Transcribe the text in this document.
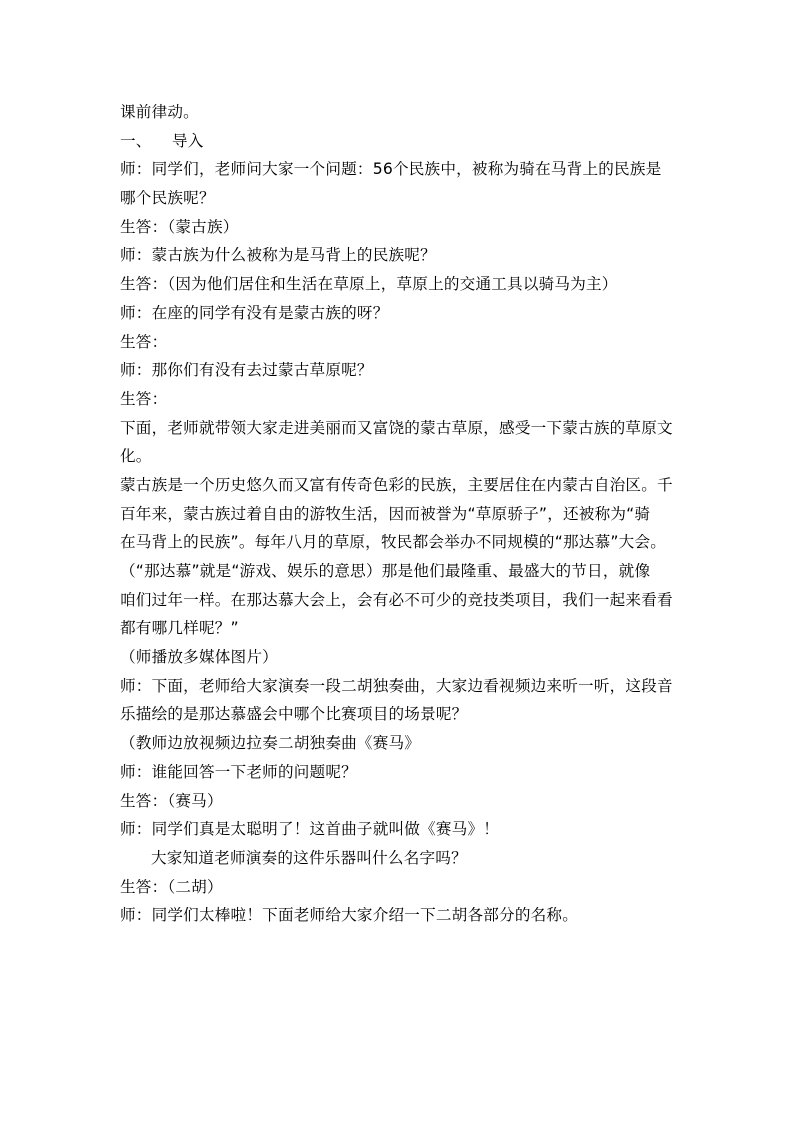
课前律动。
一、 导入
师：同学们，老师问大家一个问题：56个民族中，被称为骑在马背上的民族是
哪个民族呢？
生答：（蒙古族）
师：蒙古族为什么被称为是马背上的民族呢？
生答：（因为他们居住和生活在草原上，草原上的交通工具以骑马为主）
师：在座的同学有没有是蒙古族的呀？
生答：
师：那你们有没有去过蒙古草原呢？
生答：
下面，老师就带领大家走进美丽而又富饶的蒙古草原，感受一下蒙古族的草原文
化。
蒙古族是一个历史悠久而又富有传奇色彩的民族，主要居住在内蒙古自治区。千
百年来，蒙古族过着自由的游牧生活，因而被誉为“草原骄子”，还被称为“骑
在马背上的民族”。每年八月的草原，牧民都会举办不同规模的“那达慕”大会。
（“那达慕”就是“游戏、娱乐的意思）那是他们最隆重、最盛大的节日，就像
咱们过年一样。在那达慕大会上，会有必不可少的竞技类项目，我们一起来看看
都有哪几样呢？”
（师播放多媒体图片）
师：下面，老师给大家演奏一段二胡独奏曲，大家边看视频边来听一听，这段音
乐描绘的是那达慕盛会中哪个比赛项目的场景呢？
（教师边放视频边拉奏二胡独奏曲《赛马》
师：谁能回答一下老师的问题呢？
生答：（赛马）
师：同学们真是太聪明了！这首曲子就叫做《赛马》！
大家知道老师演奏的这件乐器叫什么名字吗？
生答：（二胡）
师：同学们太棒啦！下面老师给大家介绍一下二胡各部分的名称。
